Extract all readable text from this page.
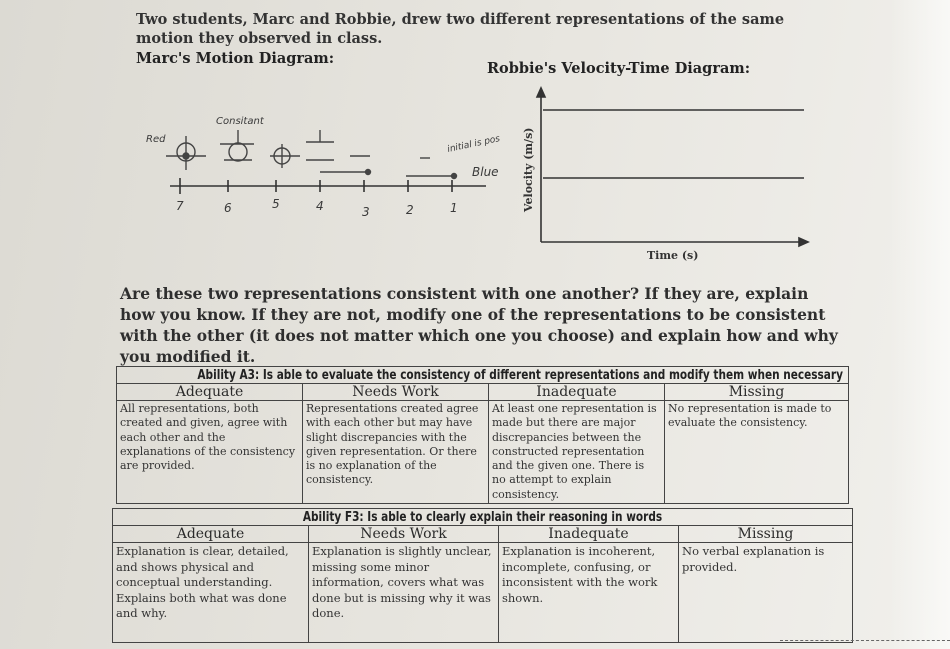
Two students, Marc and Robbie, drew two different representations of the same motion they observed in class.
Marc's Motion Diagram:
Robbie's Velocity-Time Diagram:
Consitant
Red	initial is pos
Blue
7	6	5	4	3	2	1
Time (s)
Velocity (m/s)
Are these two representations consistent with one another? If they are, explain how you know. If they are not, modify one of the representations to be consistent with the other (it does not matter which one you choose) and explain how and why you modified it.
Ability A3: Is able to evaluate the consistency of different representations and modify them when necessary			

Adequate	Needs Work	Inadequate	Missing

All representations, both created and given, agree with each other and the explanations of the consistency are provided.	Representations created agree with each other but may have slight discrepancies with the given representation. Or there is no explanation of the consistency.	At least one representation is made but there are major discrepancies between the constructed representation and the given one. There is no attempt to explain consistency.	No representation is made to evaluate the consistency.
Ability F3: Is able to clearly explain their reasoning in words			

Adequate	Needs Work	Inadequate	Missing

Explanation is clear, detailed, and shows physical and conceptual understanding. Explains both what was done and why.	Explanation is slightly unclear, missing some minor information, covers what was done but is missing why it was done.	Explanation is incoherent, incomplete, confusing, or inconsistent with the work shown.	No verbal explanation is provided.
